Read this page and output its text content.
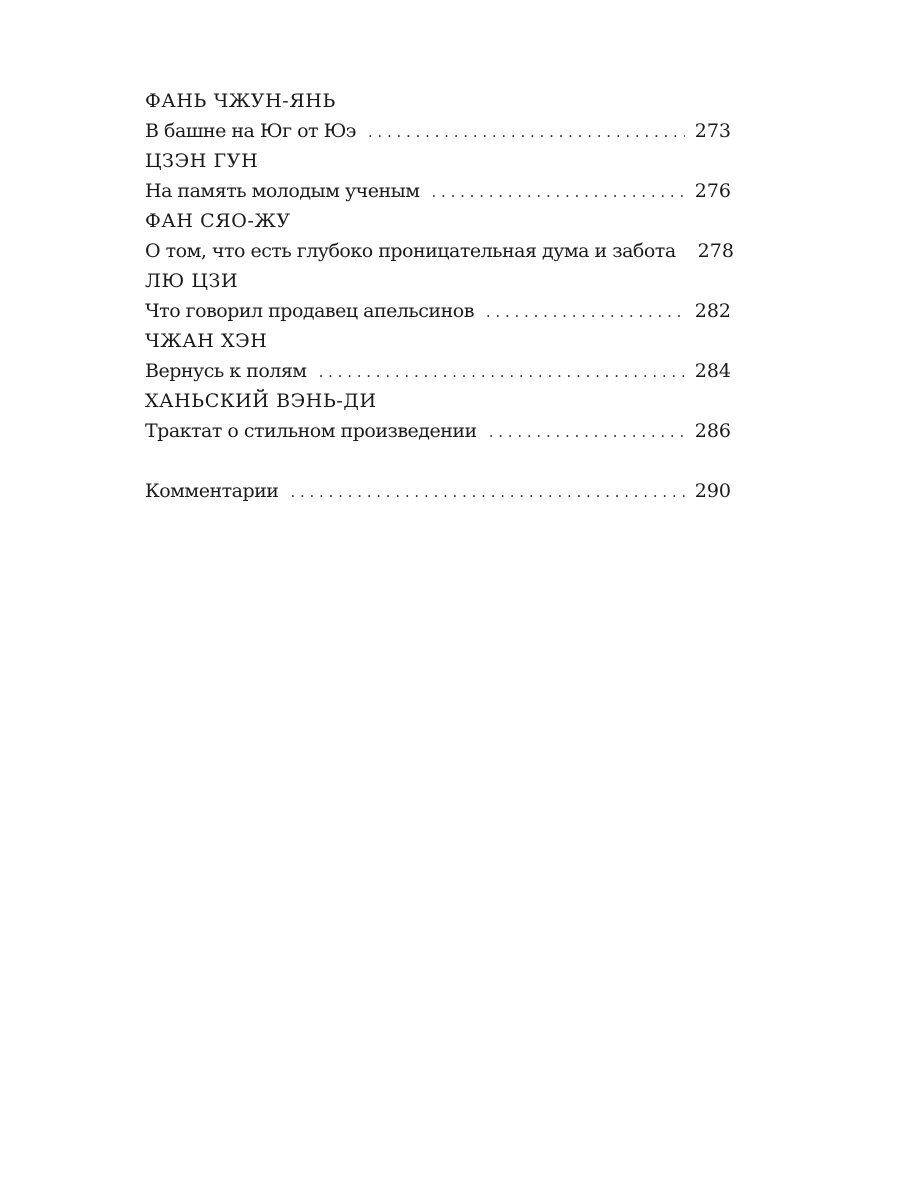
ФАНЬ ЧЖУН-ЯНЬ
В башне на Юг от Юэ . . .	273
ЦЗЭН ГУН
На память молодым ученым . . .	276
ФАН СЯО-ЖУ
О том, что есть глубоко проницательная дума и забота 278
ЛЮ ЦЗИ
Что говорил продавец апельсинов . . .	282
ЧЖАН ХЭН
Вернусь к полям . . .	284
ХАНЬСКИЙ ВЭНЬ-ДИ
Трактат о стильном произведении . . .	286
Комментарии . . .	290
